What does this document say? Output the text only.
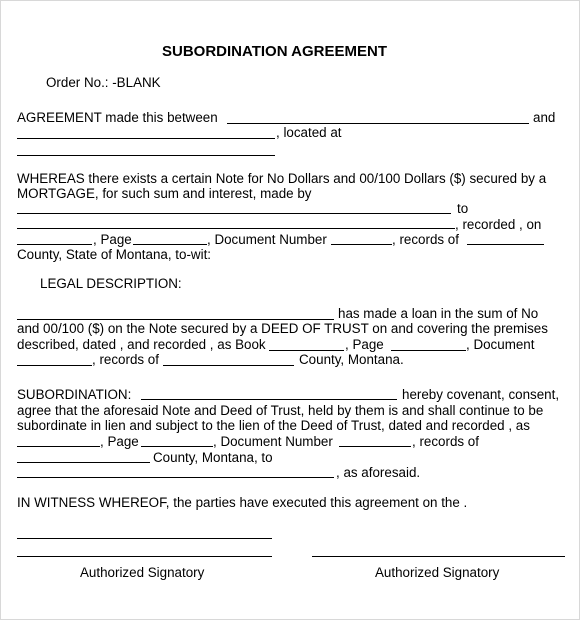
SUBORDINATION AGREEMENT
Order No.: -BLANK
AGREEMENT made this between	and
, located at
WHEREAS there exists a certain Note for No Dollars and 00/100 Dollars ($) secured by a
MORTGAGE, for such sum and interest, made by
to
, recorded , on
, Page	, Document Number	, records of
County, State of Montana, to-wit:
LEGAL DESCRIPTION:
has made a loan in the sum of No
and 00/100 ($) on the Note secured by a DEED OF TRUST on and covering the premises
described, dated , and recorded , as Book	, Page	, Document
, records of	County, Montana.
SUBORDINATION:	hereby covenant, consent,
agree that the aforesaid Note and Deed of Trust, held by them is and shall continue to be
subordinate in lien and subject to the lien of the Deed of Trust, dated and recorded , as
, Page	, Document Number	, records of
County, Montana, to
, as aforesaid.
IN WITNESS WHEREOF, the parties have executed this agreement on the .
Authorized Signatory	Authorized Signatory
